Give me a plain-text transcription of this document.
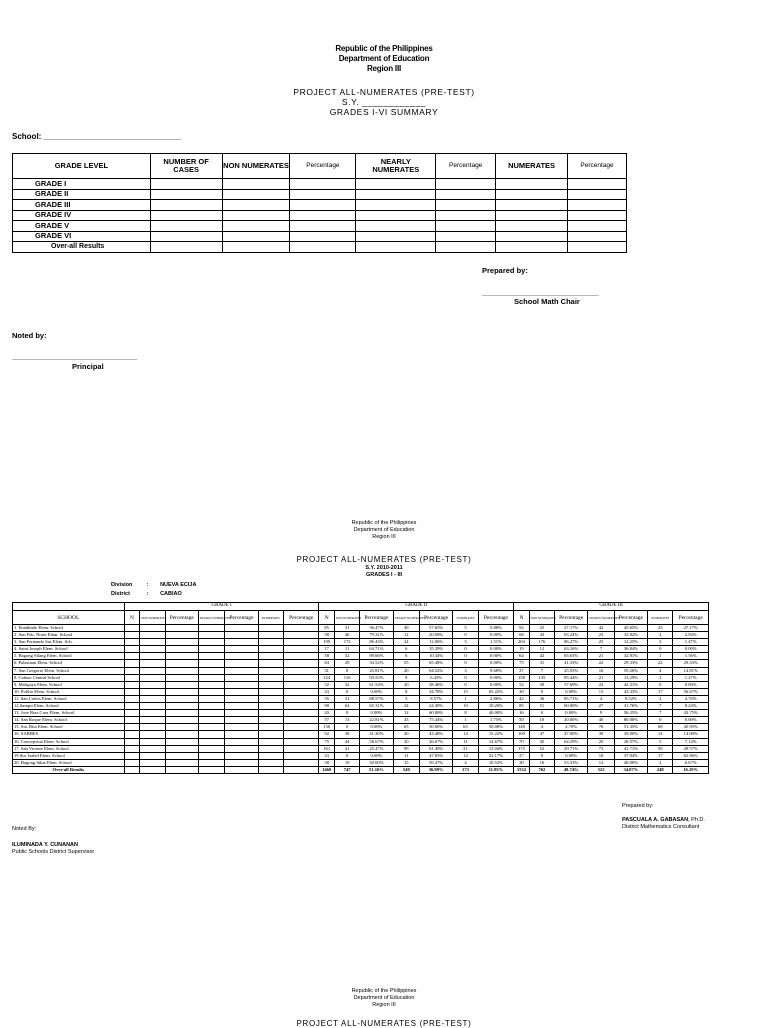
Republic of the Philippines
Department of Education
Region III
PROJECT ALL-NUMERATES (PRE-TEST)
S.Y. ____________
GRADES I-VI SUMMARY
School: _______________________________
GRADE LEVEL	NUMBER OF CASES	NON NUMERATES	Percentage	NEARLY NUMERATES	Percentage	NUMERATES	Percentage
GRADE I							
GRADE II							
GRADE III							
GRADE IV							
GRADE V							
GRADE VI							
Over-all Results							
Prepared by:
____________________________
School Math Chair
Noted by:
______________________________
Principal
Republic of the Philippines
Department of Education
Region III
PROJECT ALL-NUMERATES (PRE-TEST)
S.Y. 2010-2011
GRADES I - III
Division	: NUEVA ECIJA
District	: CABIAO
	GRADE I							GRADE II							GRADE III						
SCHOOL	N	NON NUMERATES	Percentage	NEARLY NUMERATES	Percentage	NUMERATES	Percentage	N	NON NUMERATES	Percentage	NEARLY NUMERATES	Percentage	NUMERATES	Percentage	N	NON NUMERATES	Percentage	NEARLY NUMERATES	Percentage	NUMERATES	Percentage
1. Entablado Elem. School								85	31	36.47%	49	57.65%	5	5.88%	92	25	27.17%	42	45.65%	25	27.17%
2. San Fdo. Norte Elem. School								58	46	79.31%	12	20.69%	0	0.00%	68	43	63.24%	23	33.82%	2	2.94%
3. San Fernando Sur Elem. Sch.								199	172	86.43%	24	12.06%	3	1.51%	204	176	86.27%	25	12.25%	3	1.47%
4. Saint Joseph Elem. School								17	11	64.71%	6	35.29%	0	0.00%	19	12	63.16%	7	36.84%	0	0.00%
5. Bagong Silang Elem. School								58	52	89.66%	6	10.34%	0	0.00%	64	42	65.63%	21	32.81%	1	1.56%
6. Palasinan Elem. School								84	29	34.52%	55	65.48%	0	0.00%	75	31	41.33%	22	29.33%	22	29.33%
7. San Gregorio Elem. School								31	8	25.81%	20	64.52%	3	9.68%	27	7	25.93%	16	59.26%	4	14.81%
8. Cabiao Central School								124	116	93.55%	8	6.45%	0	0.00%	158	135	85.44%	21	13.29%	2	1.27%
9. Maligaya Elem. School								52	32	61.54%	20	38.46%	0	0.00%	52	30	57.69%	22	42.31%	0	0.00%
10. Polilio Elem. School								23	0	0.00%	8	34.78%	15	65.22%	30	0	0.00%	13	43.33%	17	56.67%
11. San Carlos Elem. School								35	31	88.57%	3	8.57%	1	2.86%	42	36	85.71%	4	9.52%	2	4.76%
12.Sampit Elem. School								98	64	65.31%	24	24.49%	10	10.20%	85	51	60.00%	27	31.76%	7	8.24%
13. Jose Rizz Cruz Elem. School								20	0	0.00%	12	60.00%	8	40.00%	16	0	0.00%	9	56.25%	7	43.75%
14. San Roque Elem. School								57	13	22.81%	43	75.44%	1	1.75%	50	10	20.00%	40	80.00%	0	0.00%
15. Sta. Rita Elem. School								130	0	0.00%	65	50.00%	65	50.00%	148	4	2.70%	76	51.35%	68	45.95%
16. SABBES								92	38	41.30%	40	43.48%	14	15.22%	100	47	47.00%	39	39.00%	14	14.00%
16. Concepcion Elem. School								75	44	58.67%	20	26.67%	11	14.67%	70	45	64.29%	20	28.57%	5	7.14%
17. San Vicente Elem. School								161	41	25.47%	99	61.49%	21	13.04%	175	52	29.71%	73	41.71%	50	28.57%
19.Sta. Isabel Elem. School								23	0	0.00%	11	47.83%	12	52.17%	27	0	0.00%	10	37.04%	17	62.96%
20. Bagong Sikat Elem. School								38	19	50.00%	15	39.47%	4	10.53%	30	16	53.33%	12	40.00%	2	6.67%
Over-all Results								1460	747	51.16%	540	36.99%	173	11.85%	1532	762	49.74%	522	34.07%	248	16.19%
Prepared by:
PASCUALA A. GABASAN, Ph.D.
District Mathematics Consultant
Noted By:
ILUMINADA Y. CUNANAN
Public Schools District Supervisor
Republic of the Philippines
Department of Education
Region III
PROJECT ALL-NUMERATES (PRE-TEST)
